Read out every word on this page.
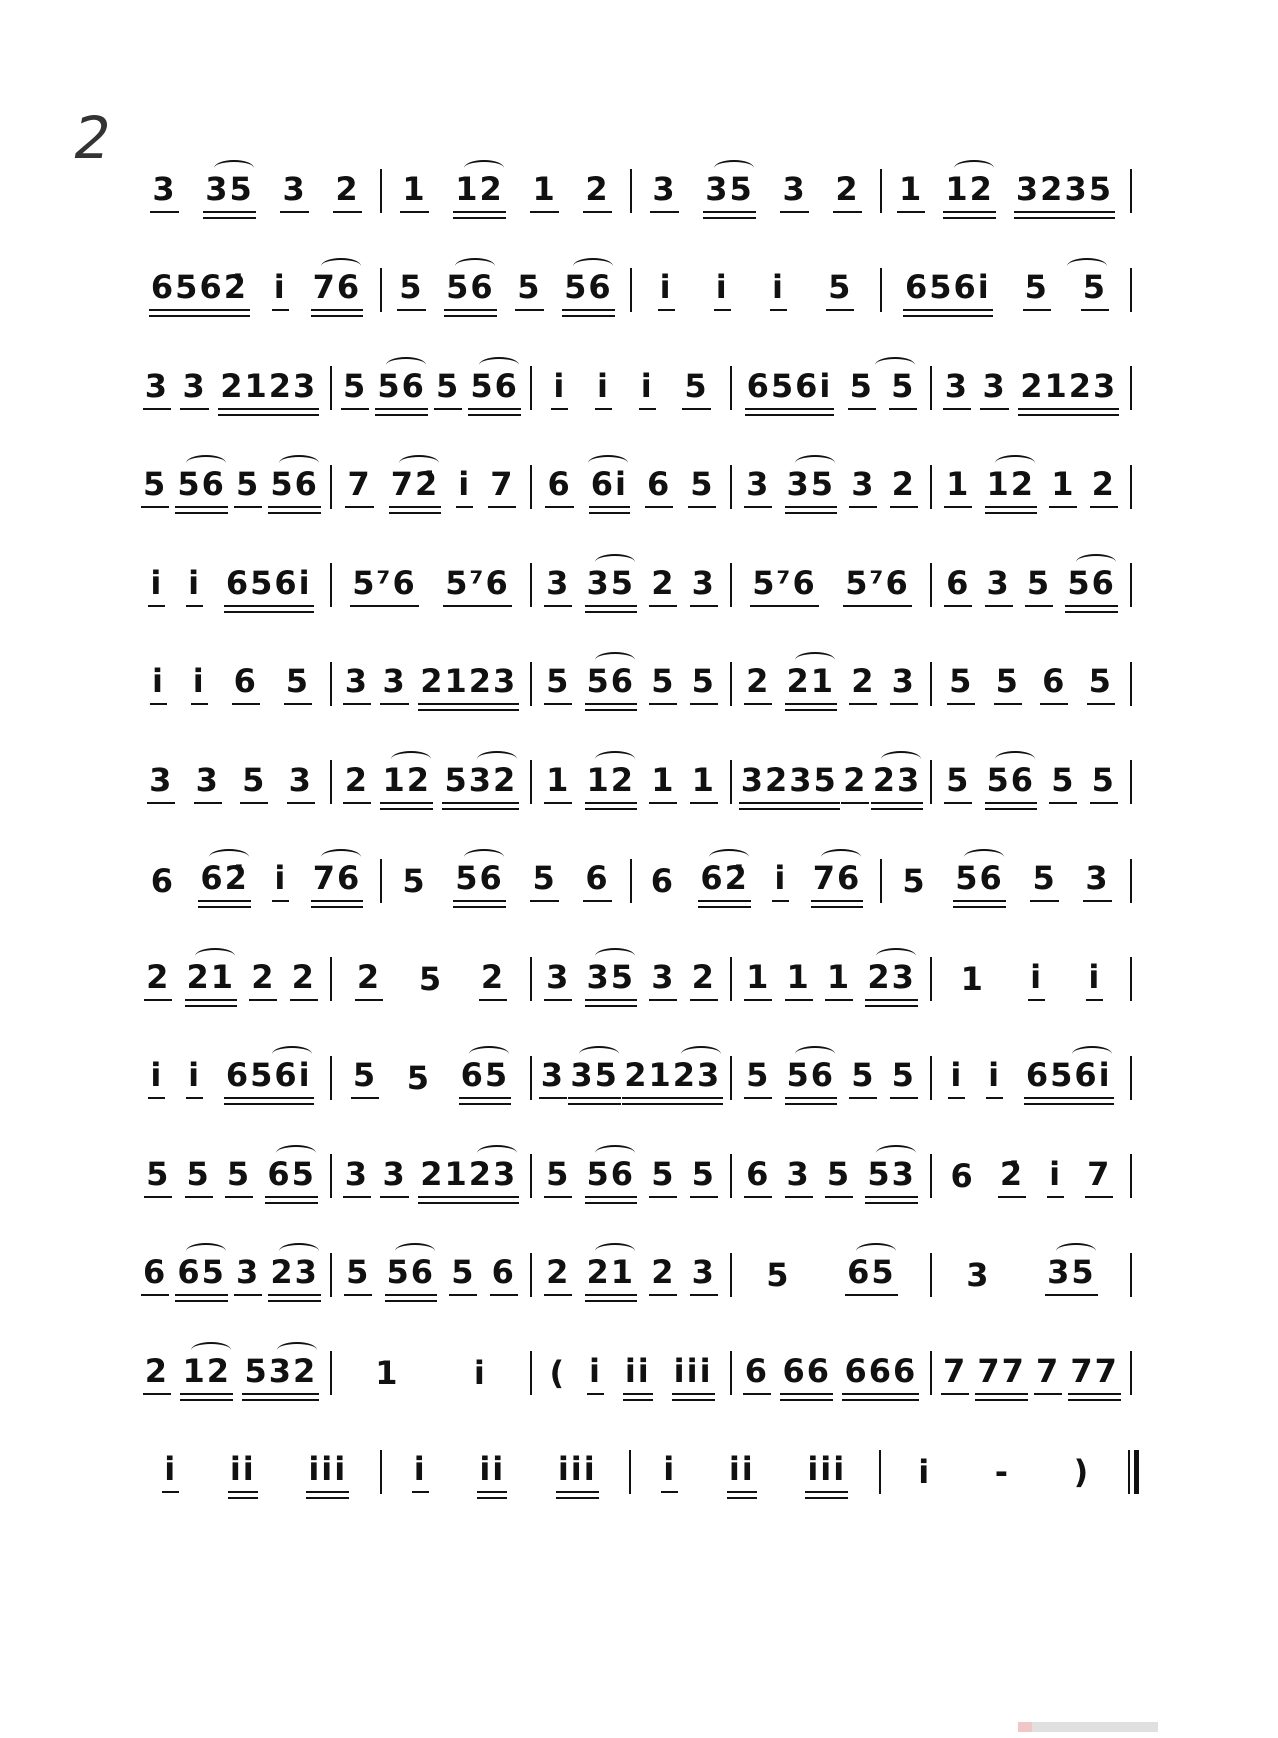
2
3 35 3 2 1 12 1 2 3 35 3 2 1 12 3235
6562̇ i 76 5 56 5 56 i i i 5 656i 5 5
3 3 2123 5 56 5 56 i i i 5 656i 5 5 3 3 2123
5 56 5 56 7 72̇ i 7 6 6i 6 5 3 35 3 2 1 12 1 2
i i 656i 5⁷6 5⁷6 3 35 2 3 5⁷6 5⁷6 6 3 5 56
i i 6 5 3 3 2123 5 56 5 5 2 21 2 3 5 5 6 5
3 3 5 3 2 12 532 1 12 1 1 3235 2 23 5 56 5 5
6 62̇ i 76 5 56 5 6 6 62̇ i 76 5 56 5 3
2 21 2 2 2 5 2 3 35 3 2 1 1 1 23 1 i i
i i 656i 5 5 65 3 35 2123 5 56 5 5 i i 656i
5 5 5 65 3 3 2123 5 56 5 5 6 3 5 53 6 2̇ i 7
6 65 3 23 5 56 5 6 2 21 2 3 5 65 3 35
2 12 532 1 i ( i ii iii 6 66 666 7 77 7 77
i ii iii i ii iii i ii iii i - )
